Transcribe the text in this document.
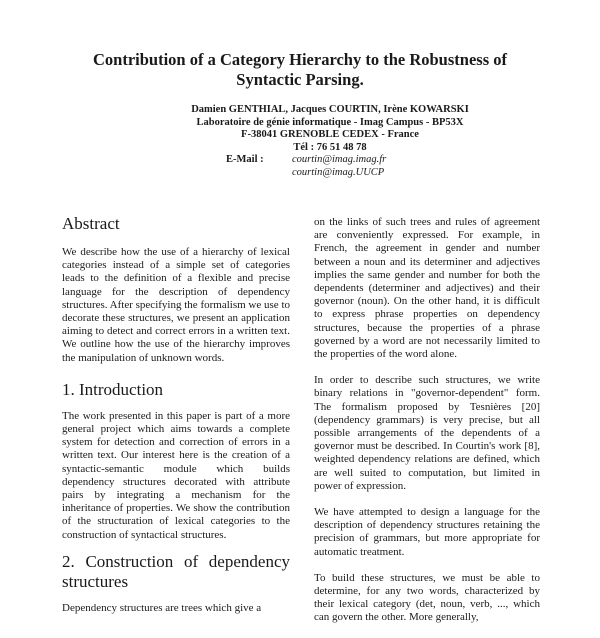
Contribution of a Category Hierarchy to the Robustness of
Syntactic Parsing.
Damien GENTHIAL, Jacques COURTIN, Irène KOWARSKI
Laboratoire de génie informatique - Imag Campus - BP53X
F-38041 GRENOBLE CEDEX - France
Tél : 76 51 48 78
E-Mail :	courtin@imag.imag.fr
courtin@imag.UUCP
Abstract

We describe how the use of a hierarchy of lexical categories instead of a simple set of categories leads to the definition of a flexible and precise language for the description of dependency structures. After specifying the formalism we use to decorate these structures, we present an application aiming to detect and correct errors in a written text. We outline how the use of the hierarchy improves the manipulation of unknown words.

1. Introduction

The work presented in this paper is part of a more general project which aims towards a complete system for detection and correction of errors in a written text. Our interest here is the creation of a syntactic-semantic module which builds dependency structures decorated with attribute pairs by integrating a mechanism for the inheritance of properties. We show the contribution of the structuration of lexical categories to the construction of syntactical structures.

2. Construction of dependency structures

Dependency structures are trees which give a

on the links of such trees and rules of agreement are conveniently expressed. For example, in French, the agreement in gender and number between a noun and its determiner and adjectives implies the same gender and number for both the dependents (determiner and adjectives) and their governor (noun). On the other hand, it is difficult to express phrase properties on dependency structures, because the properties of a phrase governed by a word are not necessarily limited to the properties of the word alone.

In order to describe such structures, we write binary relations in "governor-dependent" form. The formalism proposed by Tesnières [20] (dependency grammars) is very precise, but all possible arrangements of the dependents of a governor must be described. In Courtin's work [8], weighted dependency relations are defined, which are well suited to computation, but limited in power of expression.

We have attempted to design a language for the description of dependency structures retaining the precision of grammars, but more appropriate for automatic treatment.

To build these structures, we must be able to determine, for any two words, characterized by their lexical category (det, noun, verb, ..., which can govern the other. More generally,
